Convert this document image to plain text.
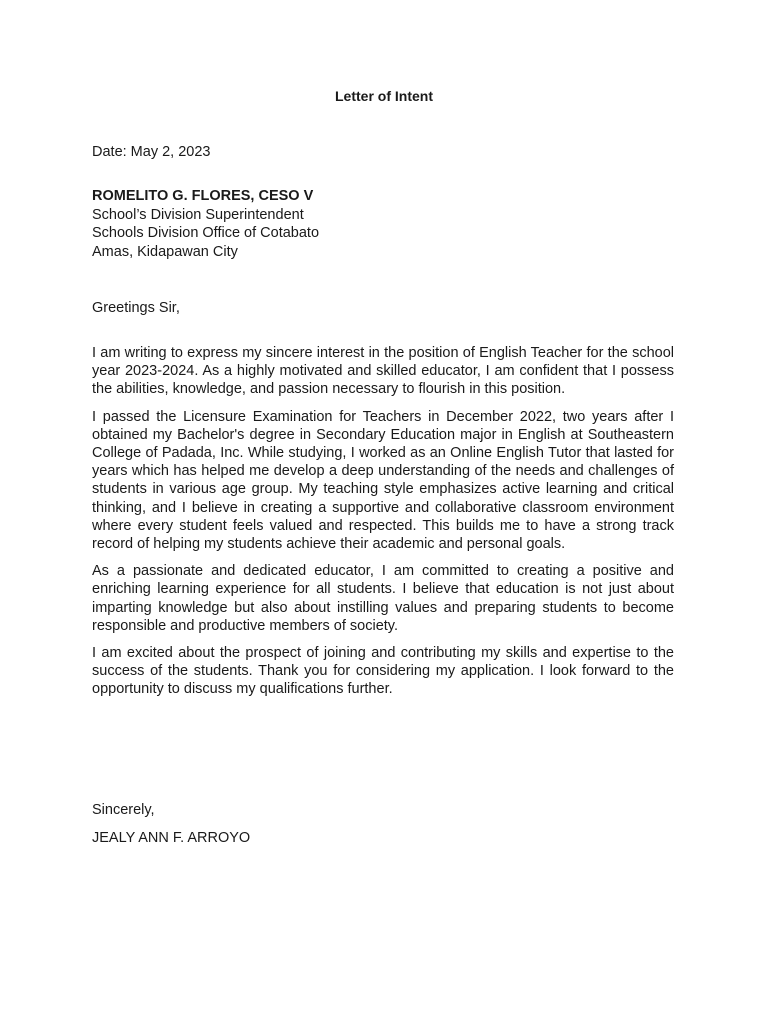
Letter of Intent
Date: May 2, 2023
ROMELITO G. FLORES, CESO V
School’s Division Superintendent
Schools Division Office of Cotabato
Amas, Kidapawan City
Greetings Sir,

I am writing to express my sincere interest in the position of English Teacher for the school year 2023-2024. As a highly motivated and skilled educator, I am confident that I possess the abilities, knowledge, and passion necessary to flourish in this position.

I passed the Licensure Examination for Teachers in December 2022, two years after I obtained my Bachelor's degree in Secondary Education major in English at Southeastern College of Padada, Inc. While studying, I worked as an Online English Tutor that lasted for years which has helped me develop a deep understanding of the needs and challenges of students in various age group. My teaching style emphasizes active learning and critical thinking, and I believe in creating a supportive and collaborative classroom environment where every student feels valued and respected. This builds me to have a strong track record of helping my students achieve their academic and personal goals.

As a passionate and dedicated educator, I am committed to creating a positive and enriching learning experience for all students. I believe that education is not just about imparting knowledge but also about instilling values and preparing students to become responsible and productive members of society.

I am excited about the prospect of joining and contributing my skills and expertise to the success of the students. Thank you for considering my application. I look forward to the opportunity to discuss my qualifications further.

Sincerely,
JEALY ANN F. ARROYO
